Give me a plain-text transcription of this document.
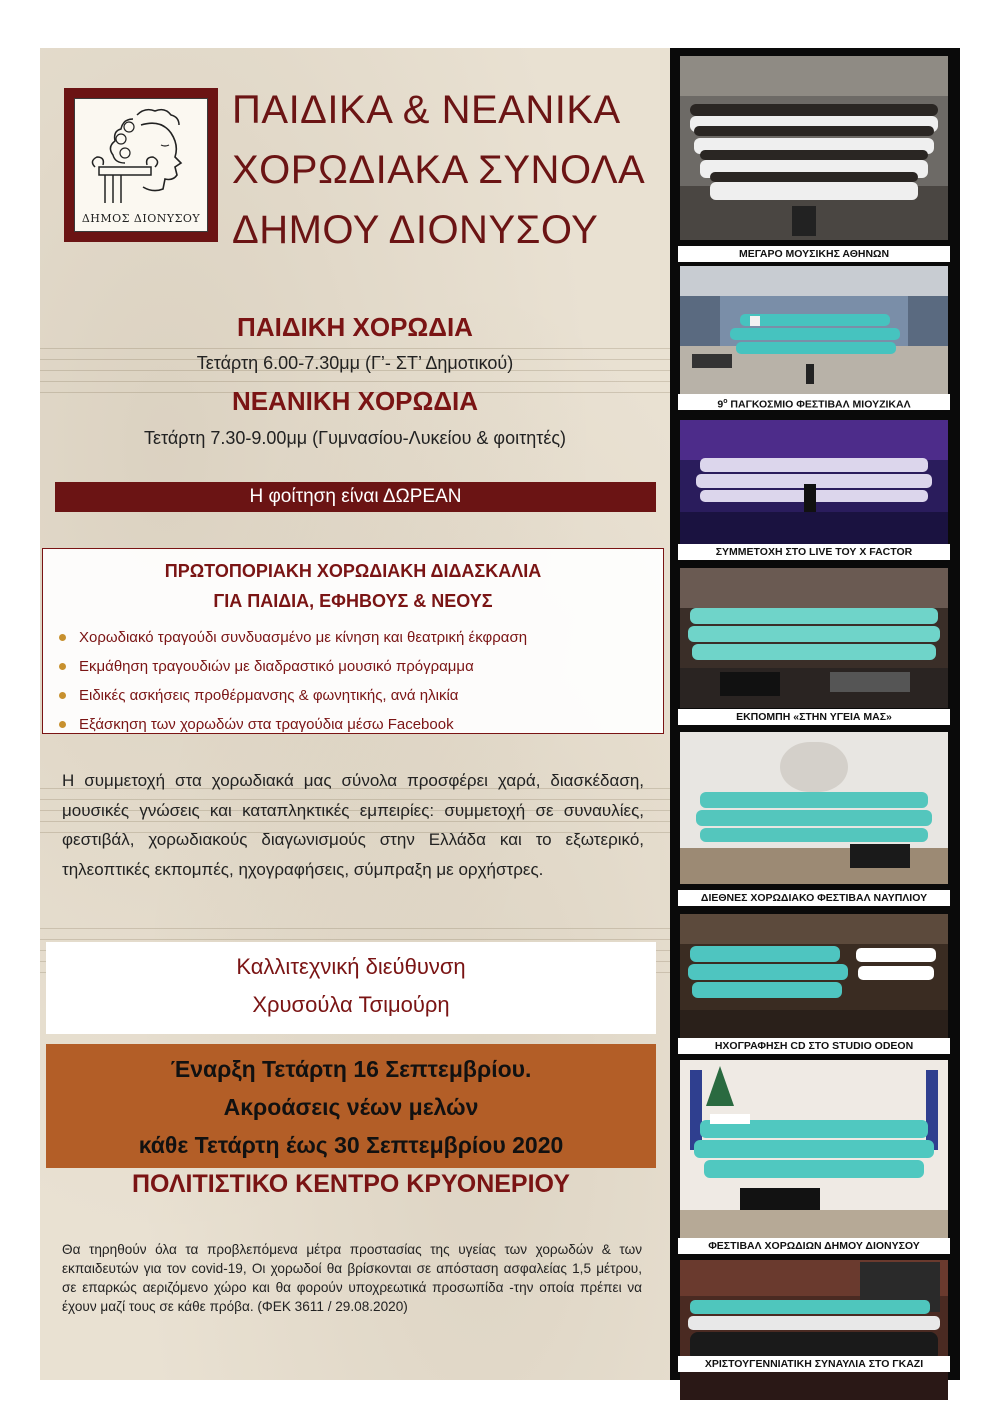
ΔΗΜΟΣ ΔΙΟΝΥΣΟΥ
ΠΑΙΔΙΚΑ & ΝΕΑΝΙΚΑ
ΧΟΡΩΔΙΑΚΑ ΣΥΝΟΛΑ
ΔΗΜΟΥ ΔΙΟΝΥΣΟΥ
ΠΑΙΔΙΚΗ ΧΟΡΩΔΙΑ
Τετάρτη 6.00-7.30μμ (Γ’- ΣΤ’ Δημοτικού)
ΝΕΑΝΙΚΗ ΧΟΡΩΔΙΑ
Τετάρτη 7.30-9.00μμ (Γυμνασίου-Λυκείου & φοιτητές)
Η φοίτηση είναι ΔΩΡΕΑΝ
ΠΡΩΤΟΠΟΡΙΑΚΗ ΧΟΡΩΔΙΑΚΗ ΔΙΔΑΣΚΑΛΙΑ
ΓΙΑ ΠΑΙΔΙΑ, ΕΦΗΒΟΥΣ & ΝΕΟΥΣ
Χορωδιακό τραγούδι συνδυασμένο με κίνηση και θεατρική έκφραση
Εκμάθηση τραγουδιών με διαδραστικό μουσικό πρόγραμμα
Ειδικές ασκήσεις προθέρμανσης & φωνητικής, ανά ηλικία
Εξάσκηση των χορωδών στα τραγούδια μέσω Facebook
Η συμμετοχή στα χορωδιακά μας σύνολα προσφέρει χαρά, διασκέδαση, μουσικές γνώσεις και καταπληκτικές εμπειρίες: συμμετοχή σε συναυλίες, φεστιβάλ, χορωδιακούς διαγωνισμούς στην Ελλάδα και το εξωτερικό, τηλεοπτικές εκπομπές, ηχογραφήσεις, σύμπραξη με ορχήστρες.
Καλλιτεχνική διεύθυνση
Χρυσούλα Τσιμούρη
Έναρξη Τετάρτη 16 Σεπτεμβρίου.
Ακροάσεις νέων μελών
κάθε Τετάρτη έως 30 Σεπτεμβρίου 2020
ΠΟΛΙΤΙΣΤΙΚΟ ΚΕΝΤΡΟ ΚΡΥΟΝΕΡΙΟΥ
Θα τηρηθούν όλα τα προβλεπόμενα μέτρα προστασίας της υγείας των χορωδών & των εκπαιδευτών για τον covid-19, Οι χορωδοί θα βρίσκονται σε απόσταση ασφαλείας 1,5 μέτρου, σε επαρκώς αεριζόμενο χώρο και θα φορούν υποχρεωτικά προσωπίδα -την οποία πρέπει να έχουν μαζί τους σε κάθε πρόβα. (ΦΕΚ 3611 / 29.08.2020)
ΜΕΓΑΡΟ ΜΟΥΣΙΚΗΣ ΑΘΗΝΩΝ
$9^o$ ΠΑΓΚΟΣΜΙΟ ΦΕΣΤΙΒΑΛ ΜΙΟΥΖΙΚΑΛ
ΣΥΜΜΕΤΟΧΗ ΣΤΟ LIVE ΤΟΥ X FACTOR
ΕΚΠΟΜΠΗ «ΣΤΗΝ ΥΓΕΙΑ ΜΑΣ»
ΔΙΕΘΝΕΣ ΧΟΡΩΔΙΑΚΟ ΦΕΣΤΙΒΑΛ ΝΑΥΠΛΙΟΥ
ΗΧΟΓΡΑΦΗΣΗ CD ΣΤΟ STUDIO ODEON
ΦΕΣΤΙΒΑΛ ΧΟΡΩΔΙΩΝ ΔΗΜΟΥ ΔΙΟΝΥΣΟΥ
ΧΡΙΣΤΟΥΓΕΝΝΙΑΤΙΚΗ ΣΥΝΑΥΛΙΑ ΣΤΟ ΓΚΑΖΙ
